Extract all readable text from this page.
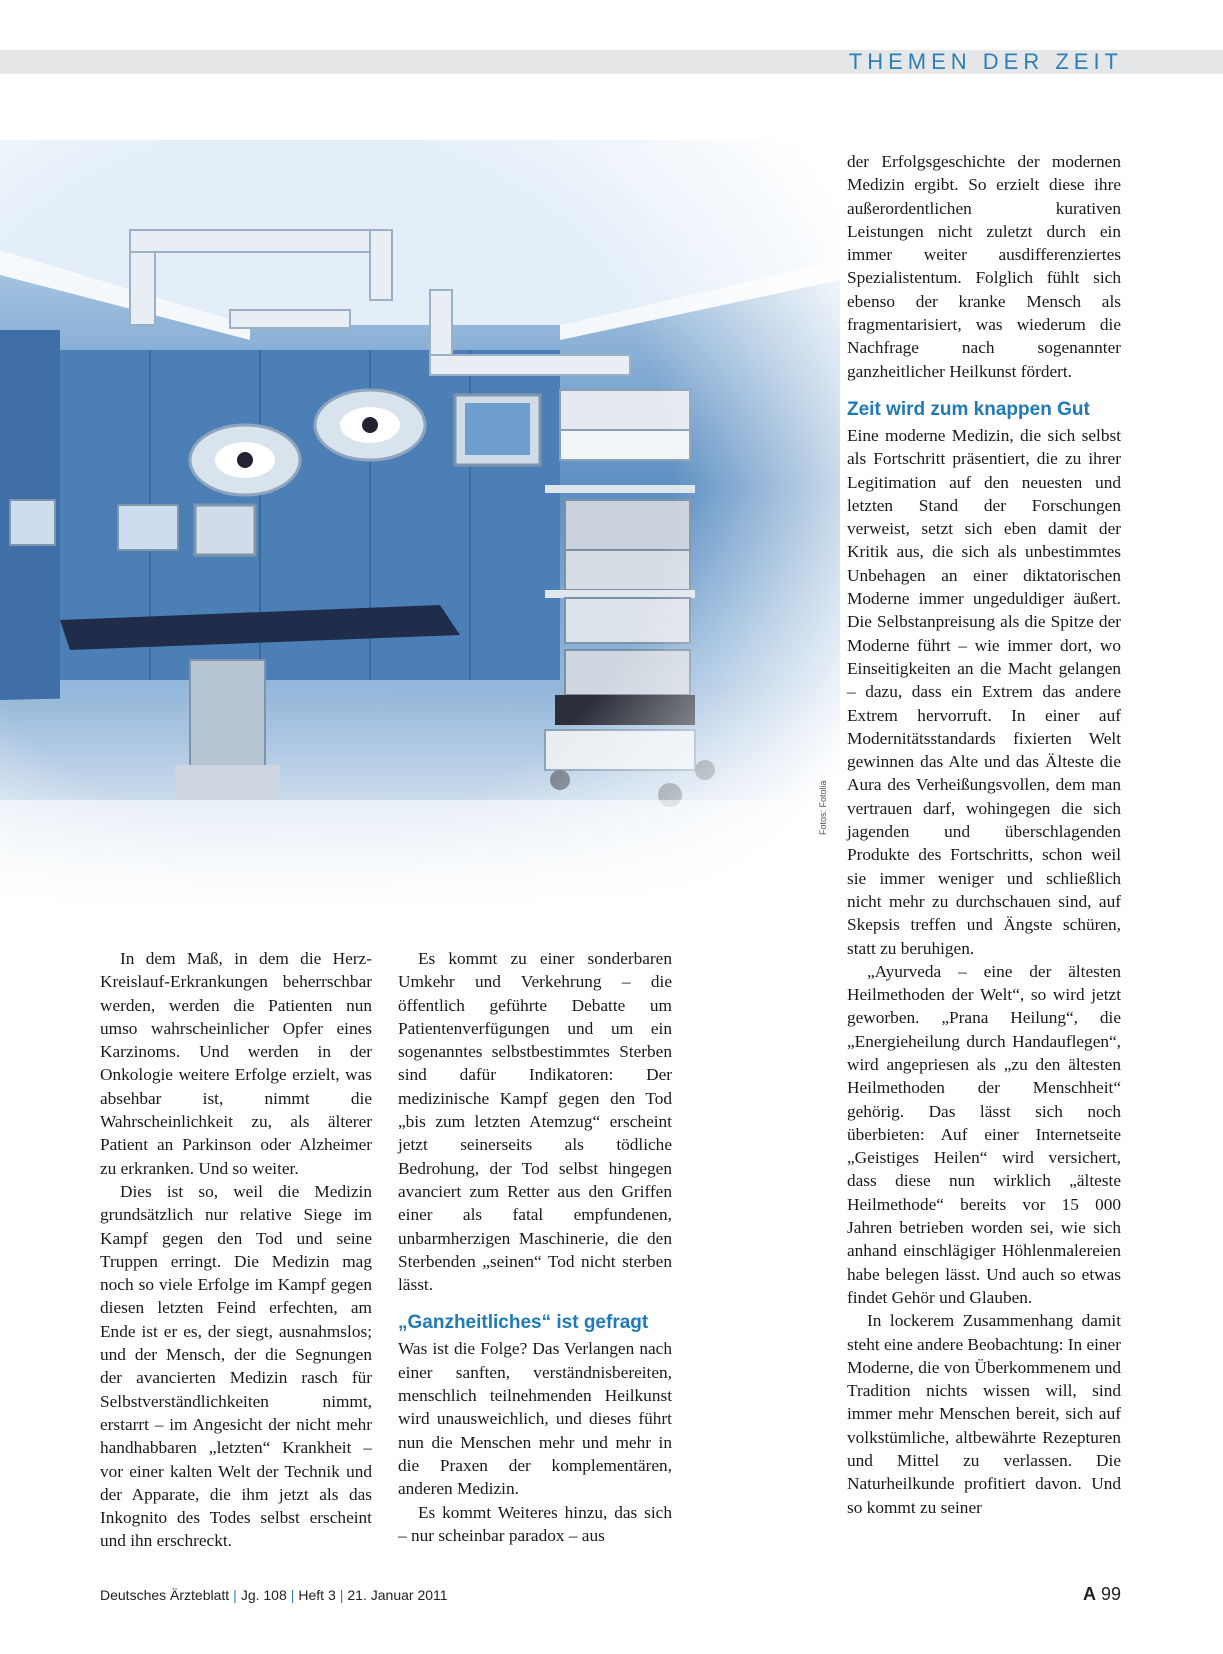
THEMEN DER ZEIT
Fotos: Fotolia

In dem Maß, in dem die Herz-Kreislauf-Erkrankungen beherrschbar werden, werden die Patienten nun umso wahrscheinlicher Opfer eines Karzinoms. Und werden in der Onkologie weitere Erfolge erzielt, was absehbar ist, nimmt die Wahrscheinlichkeit zu, als älterer Patient an Parkinson oder Alzheimer zu erkranken. Und so weiter.

Dies ist so, weil die Medizin grundsätzlich nur relative Siege im Kampf gegen den Tod und seine Truppen erringt. Die Medizin mag noch so viele Erfolge im Kampf gegen diesen letzten Feind erfechten, am Ende ist er es, der siegt, ausnahmslos; und der Mensch, der die Segnungen der avancierten Medizin rasch für Selbstverständlichkeiten nimmt, erstarrt – im Angesicht der nicht mehr handhabbaren „letzten“ Krankheit – vor einer kalten Welt der Technik und der Apparate, die ihm jetzt als das Inkognito des Todes selbst erscheint und ihn erschreckt.

Es kommt zu einer sonderbaren Umkehr und Verkehrung – die öffentlich geführte Debatte um Patientenverfügungen und um ein sogenanntes selbstbestimmtes Sterben sind dafür Indikatoren: Der medizinische Kampf gegen den Tod „bis zum letzten Atemzug“ erscheint jetzt seinerseits als tödliche Bedrohung, der Tod selbst hingegen avanciert zum Retter aus den Griffen einer als fatal empfundenen, unbarmherzigen Maschinerie, die den Sterbenden „seinen“ Tod nicht sterben lässt.

„Ganzheitliches“ ist gefragt

Was ist die Folge? Das Verlangen nach einer sanften, verständnisbereiten, menschlich teilnehmenden Heilkunst wird unausweichlich, und dieses führt nun die Menschen mehr und mehr in die Praxen der komplementären, anderen Medizin.

Es kommt Weiteres hinzu, das sich – nur scheinbar paradox – aus

der Erfolgsgeschichte der modernen Medizin ergibt. So erzielt diese ihre außerordentlichen kurativen Leistungen nicht zuletzt durch ein immer weiter ausdifferenziertes Spezialistentum. Folglich fühlt sich ebenso der kranke Mensch als fragmentarisiert, was wiederum die Nachfrage nach sogenannter ganzheitlicher Heilkunst fördert.

Zeit wird zum knappen Gut

Eine moderne Medizin, die sich selbst als Fortschritt präsentiert, die zu ihrer Legitimation auf den neuesten und letzten Stand der Forschungen verweist, setzt sich eben damit der Kritik aus, die sich als unbestimmtes Unbehagen an einer diktatorischen Moderne immer ungeduldiger äußert. Die Selbstanpreisung als die Spitze der Moderne führt – wie immer dort, wo Einseitigkeiten an die Macht gelangen – dazu, dass ein Extrem das andere Extrem hervorruft. In einer auf Modernitätsstandards fixierten Welt gewinnen das Alte und das Älteste die Aura des Verheißungsvollen, dem man vertrauen darf, wohingegen die sich jagenden und überschlagenden Produkte des Fortschritts, schon weil sie immer weniger und schließlich nicht mehr zu durchschauen sind, auf Skepsis treffen und Ängste schüren, statt zu beruhigen.

„Ayurveda – eine der ältesten Heilmethoden der Welt“, so wird jetzt geworben. „Prana Heilung“, die „Energieheilung durch Handauflegen“, wird angepriesen als „zu den ältesten Heilmethoden der Menschheit“ gehörig. Das lässt sich noch überbieten: Auf einer Internetseite „Geistiges Heilen“ wird versichert, dass diese nun wirklich „älteste Heilmethode“ bereits vor 15 000 Jahren betrieben worden sei, wie sich anhand einschlägiger Höhlenmalereien habe belegen lässt. Und auch so etwas findet Gehör und Glauben.

In lockerem Zusammenhang damit steht eine andere Beobachtung: In einer Moderne, die von Überkommenem und Tradition nichts wissen will, sind immer mehr Menschen bereit, sich auf volkstümliche, altbewährte Rezepturen und Mittel zu verlassen. Die Naturheilkunde profitiert davon. Und so kommt zu seiner

Deutsches Ärzteblatt | Jg. 108 | Heft 3 | 21. Januar 2011	A 99
